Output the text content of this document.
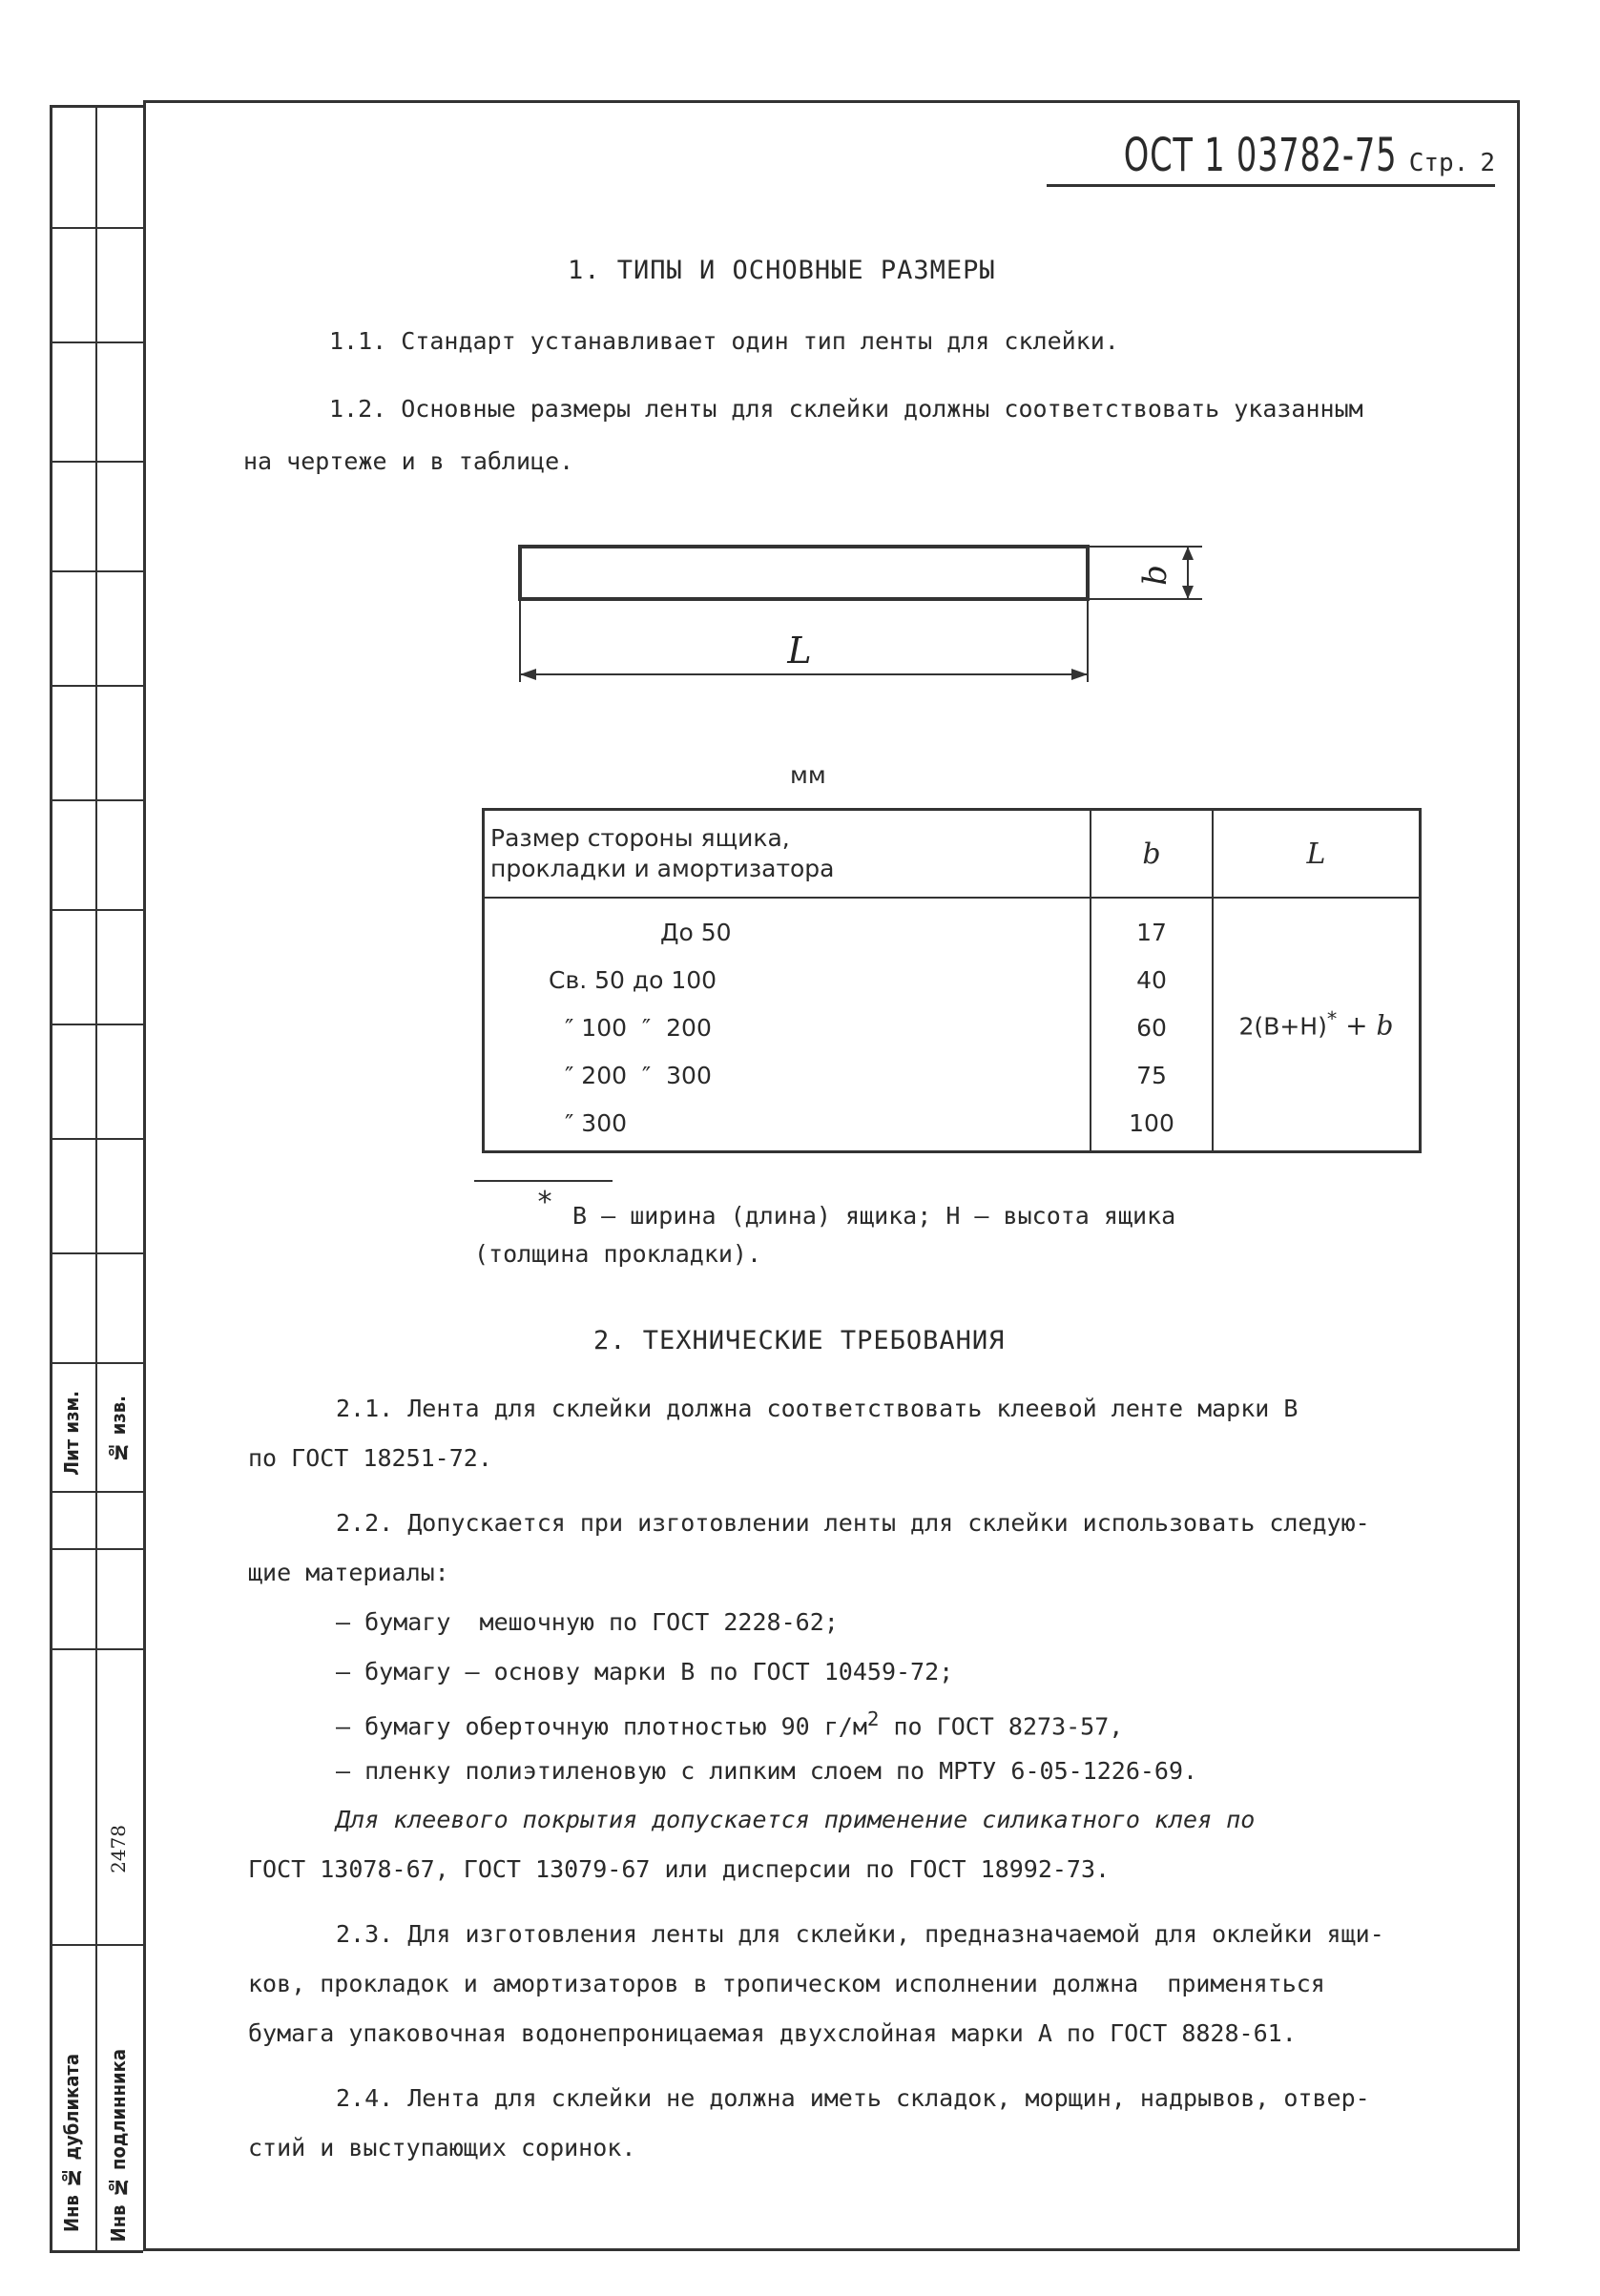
Лит изм. № изв.
2478
Инв № дубликата Инв № подлинника
ОСТ 1 03782-75 Стр. 2
1. ТИПЫ И ОСНОВНЫЕ РАЗМЕРЫ
1.1. Стандарт устанавливает один тип ленты для склейки.
1.2. Основные размеры ленты для склейки должны соответствовать указанным
на чертеже и в таблице.
b
L
мм
Размер стороны ящика,
прокладки и амортизатора	b	L
До 50	17	2(В+Н)* + b
Св. 50 до 100	40	
″ 100  ″  200	60	
″ 200  ″  300	75	
″ 300	100	
* В – ширина (длина) ящика; Н – высота ящика
(толщина прокладки).
2. ТЕХНИЧЕСКИЕ ТРЕБОВАНИЯ
2.1. Лента для склейки должна соответствовать клеевой ленте марки В
по ГОСТ 18251-72.
2.2. Допускается при изготовлении ленты для склейки использовать следую-
щие материалы:
– бумагу  мешочную по ГОСТ 2228-62;
– бумагу – основу марки В по ГОСТ 10459-72;
– бумагу оберточную плотностью 90 $г/м^2$ по ГОСТ 8273-57,
– пленку полиэтиленовую с липким слоем по МРТУ 6-05-1226-69.
Для клеевого покрытия допускается применение силикатного клея по
ГОСТ 13078-67, ГОСТ 13079-67 или дисперсии по ГОСТ 18992-73.
2.3. Для изготовления ленты для склейки, предназначаемой для оклейки ящи-
ков, прокладок и амортизаторов в тропическом исполнении должна  применяться
бумага упаковочная водонепроницаемая двухслойная марки А по ГОСТ 8828-61.
2.4. Лента для склейки не должна иметь складок, морщин, надрывов, отвер-
стий и выступающих соринок.
